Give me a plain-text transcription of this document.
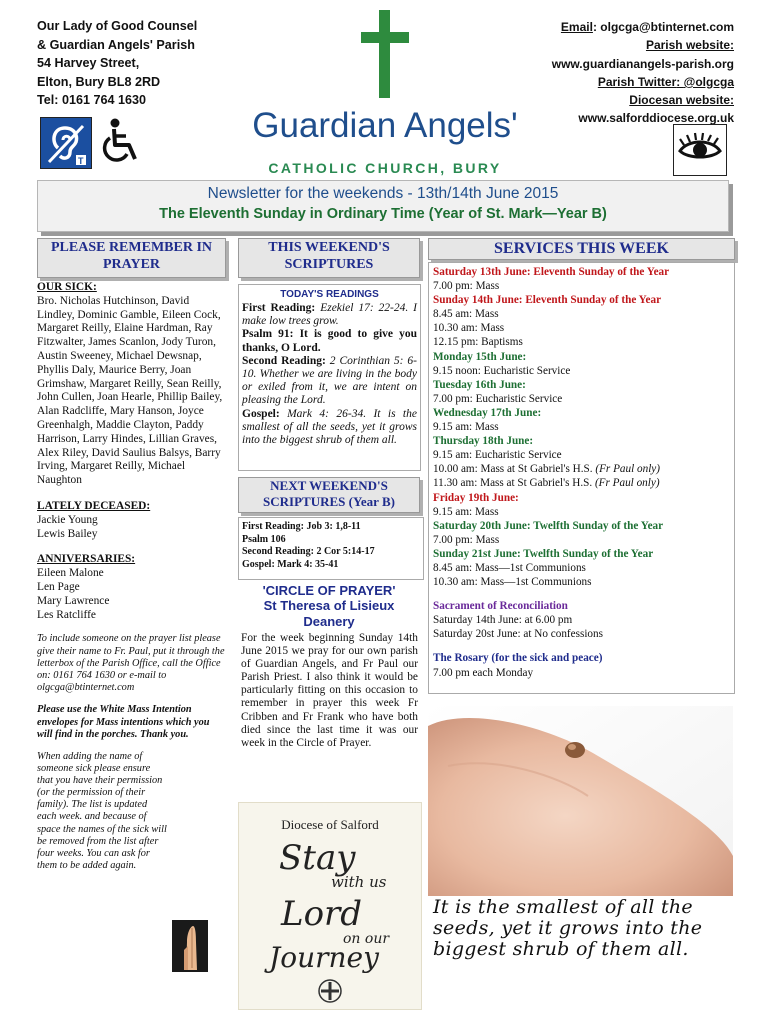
Our Lady of Good Counsel
& Guardian Angels' Parish
54 Harvey Street,
Elton, Bury BL8 2RD
Tel: 0161 764 1630
Email: olgcga@btinternet.com
Parish website:
www.guardianangels-parish.org
Parish Twitter: @olgcga
Diocesan website:
www.salforddiocese.org.uk
Guardian Angels'
CATHOLIC CHURCH, BURY
T
Newsletter for the weekends - 13th/14th June 2015
The Eleventh Sunday in Ordinary Time (Year of St. Mark—Year B)
PLEASE REMEMBER IN PRAYER
OUR SICK:
Bro. Nicholas Hutchinson, David Lindley, Dominic Gamble, Eileen Cock, Margaret Reilly, Elaine Hardman, Ray Fitzwalter, James Scanlon, Jody Turon, Austin Sweeney, Michael Dewsnap, Phyllis Daly, Maurice Berry, Joan Grimshaw, Margaret Reilly, Sean Reilly, John Cullen, Joan Hearle, Phillip Bailey, Alan Radcliffe, Mary Hanson, Joyce Greenhalgh, Maddie Clayton, Paddy Harrison, Larry Hindes, Lillian Graves, Alex Riley, David Saulius Balsys, Barry Irving, Margaret Reilly, Michael Naughton
LATELY DECEASED:
Jackie Young
Lewis Bailey
ANNIVERSARIES:
Eileen Malone
Len Page
Mary Lawrence
Les Ratcliffe
To include someone on the prayer list please give their name to Fr. Paul, put it through the letterbox of the Parish Office, call the Office on: 0161 764 1630 or e-mail to olgcga@btinternet.com
Please use the White Mass Intention envelopes for Mass intentions which you will find in the porches. Thank you.
When adding the name of someone sick please ensure that you have their permission (or the permission of their family). The list is updated each week. and because of space the names of the sick will be removed from the list after four weeks. You can ask for them to be added again.
THIS WEEKEND'S SCRIPTURES
TODAY'S READINGS
First Reading: Ezekiel 17: 22-24. I make low trees grow.
Psalm 91: It is good to give you thanks, O Lord.
Second Reading: 2 Corinthian 5: 6-10. Whether we are living in the body or exiled from it, we are intent on pleasing the Lord.
Gospel: Mark 4: 26-34. It is the smallest of all the seeds, yet it grows into the biggest shrub of them all.
NEXT WEEKEND'S SCRIPTURES (Year B)
First Reading: Job 3: 1,8-11
Psalm 106
Second Reading: 2 Cor 5:14-17
Gospel: Mark 4: 35-41
'CIRCLE OF PRAYER'
St Theresa of Lisieux Deanery
For the week beginning Sunday 14th June 2015 we pray for our own parish of Guardian Angels, and Fr Paul our Parish Priest. I also think it would be particularly fitting on this occasion to remember in prayer this week Fr Cribben and Fr Frank who have both died since the last time it was our week in the Circle of Prayer.
Diocese of Salford
Stay
with us
Lord
on our
Journey
SERVICES THIS WEEK
Saturday 13th June: Eleventh Sunday of the Year
7.00 pm: Mass
Sunday 14th June: Eleventh Sunday of the Year
8.45 am: Mass
10.30 am: Mass
12.15 pm: Baptisms
Monday 15th June:
9.15 noon: Eucharistic Service
Tuesday 16th June:
7.00 pm: Eucharistic Service
Wednesday 17th June:
9.15 am: Mass
Thursday 18th June:
9.15 am: Eucharistic Service
10.00 am: Mass at St Gabriel's H.S. (Fr Paul only)
11.30 am: Mass at St Gabriel's H.S. (Fr Paul only)
Friday 19th June:
9.15 am: Mass
Saturday 20th June: Twelfth Sunday of the Year
7.00 pm: Mass
Sunday 21st June: Twelfth Sunday of the Year
8.45 am: Mass—1st Communions
10.30 am: Mass—1st Communions
Sacrament of Reconciliation
Saturday 14th June: at 6.00 pm
Saturday 20st June: at No confessions
The Rosary (for the sick and peace)
7.00 pm each Monday
It is the smallest of all the seeds, yet it grows into the biggest shrub of them all.
